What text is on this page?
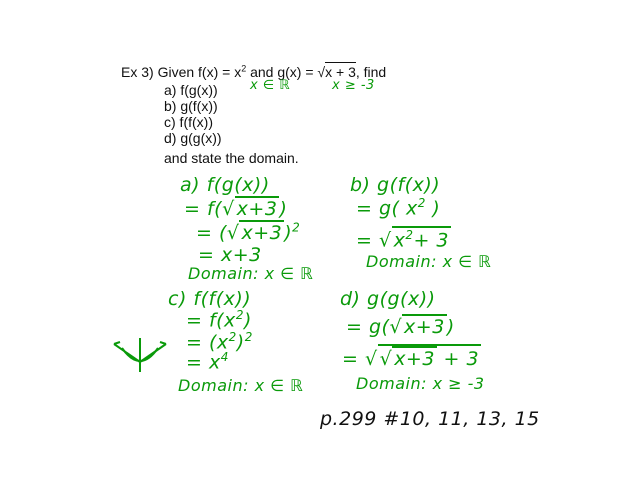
Ex 3) Given $f(x) = x^2$ and g(x) = √x + 3, find
a) f(g(x))
b) g(f(x))
c) f(f(x))
d) g(g(x))
and state the domain.
x ∈ ℝ	x ≥ -3
a) f(g(x))
= f(√ x+3 )
= (√ x+3 )$^2$
= x+3
Domain: x ∈ ℝ
b) g(f(x))
= g( $x^2$ )
= √ $x^2+ 3$
Domain: x ∈ ℝ
c) f(f(x))
= $f(x^2)$
= $(x^2)^2$
= $x^4$
Domain: x ∈ ℝ
d) g(g(x))
= g(√ x+3 )
= √ √ x+3 + 3
Domain: x ≥ -3
p.299 #10, 11, 13, 15
